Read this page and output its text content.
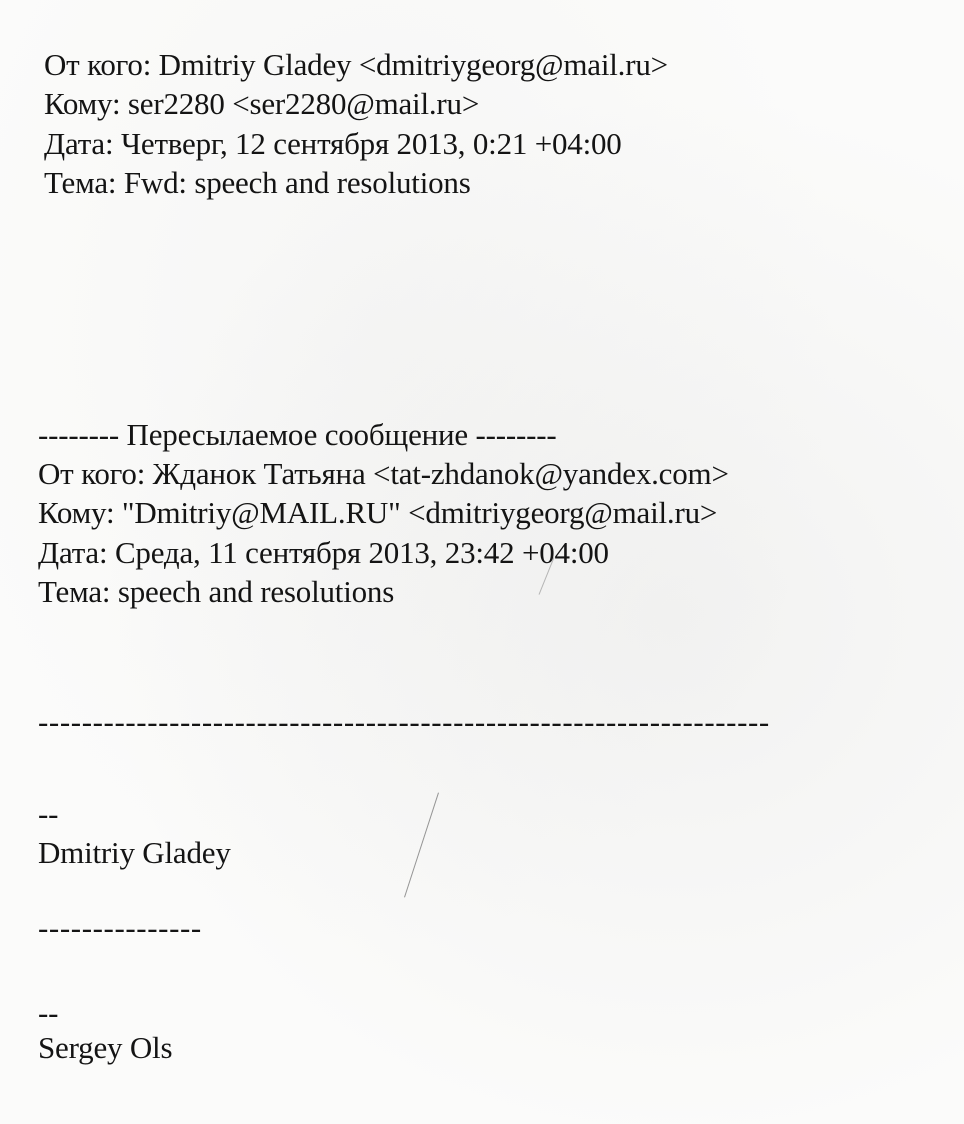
От кого: Dmitriy Gladey <dmitriygeorg@mail.ru>
Кому: ser2280 <ser2280@mail.ru>
Дата: Четверг, 12 сентября 2013, 0:21 +04:00
Тема: Fwd: speech and resolutions
-------- Пересылаемое сообщение --------
От кого: Жданок Татьяна <tat-zhdanok@yandex.com>
Кому: "Dmitriy@MAIL.RU" <dmitriygeorg@mail.ru>
Дата: Среда, 11 сентября 2013, 23:42 +04:00
Тема: speech and resolutions
-------------------------------------------------------------------
--
Dmitriy Gladey
---------------
--
Sergey Ols
